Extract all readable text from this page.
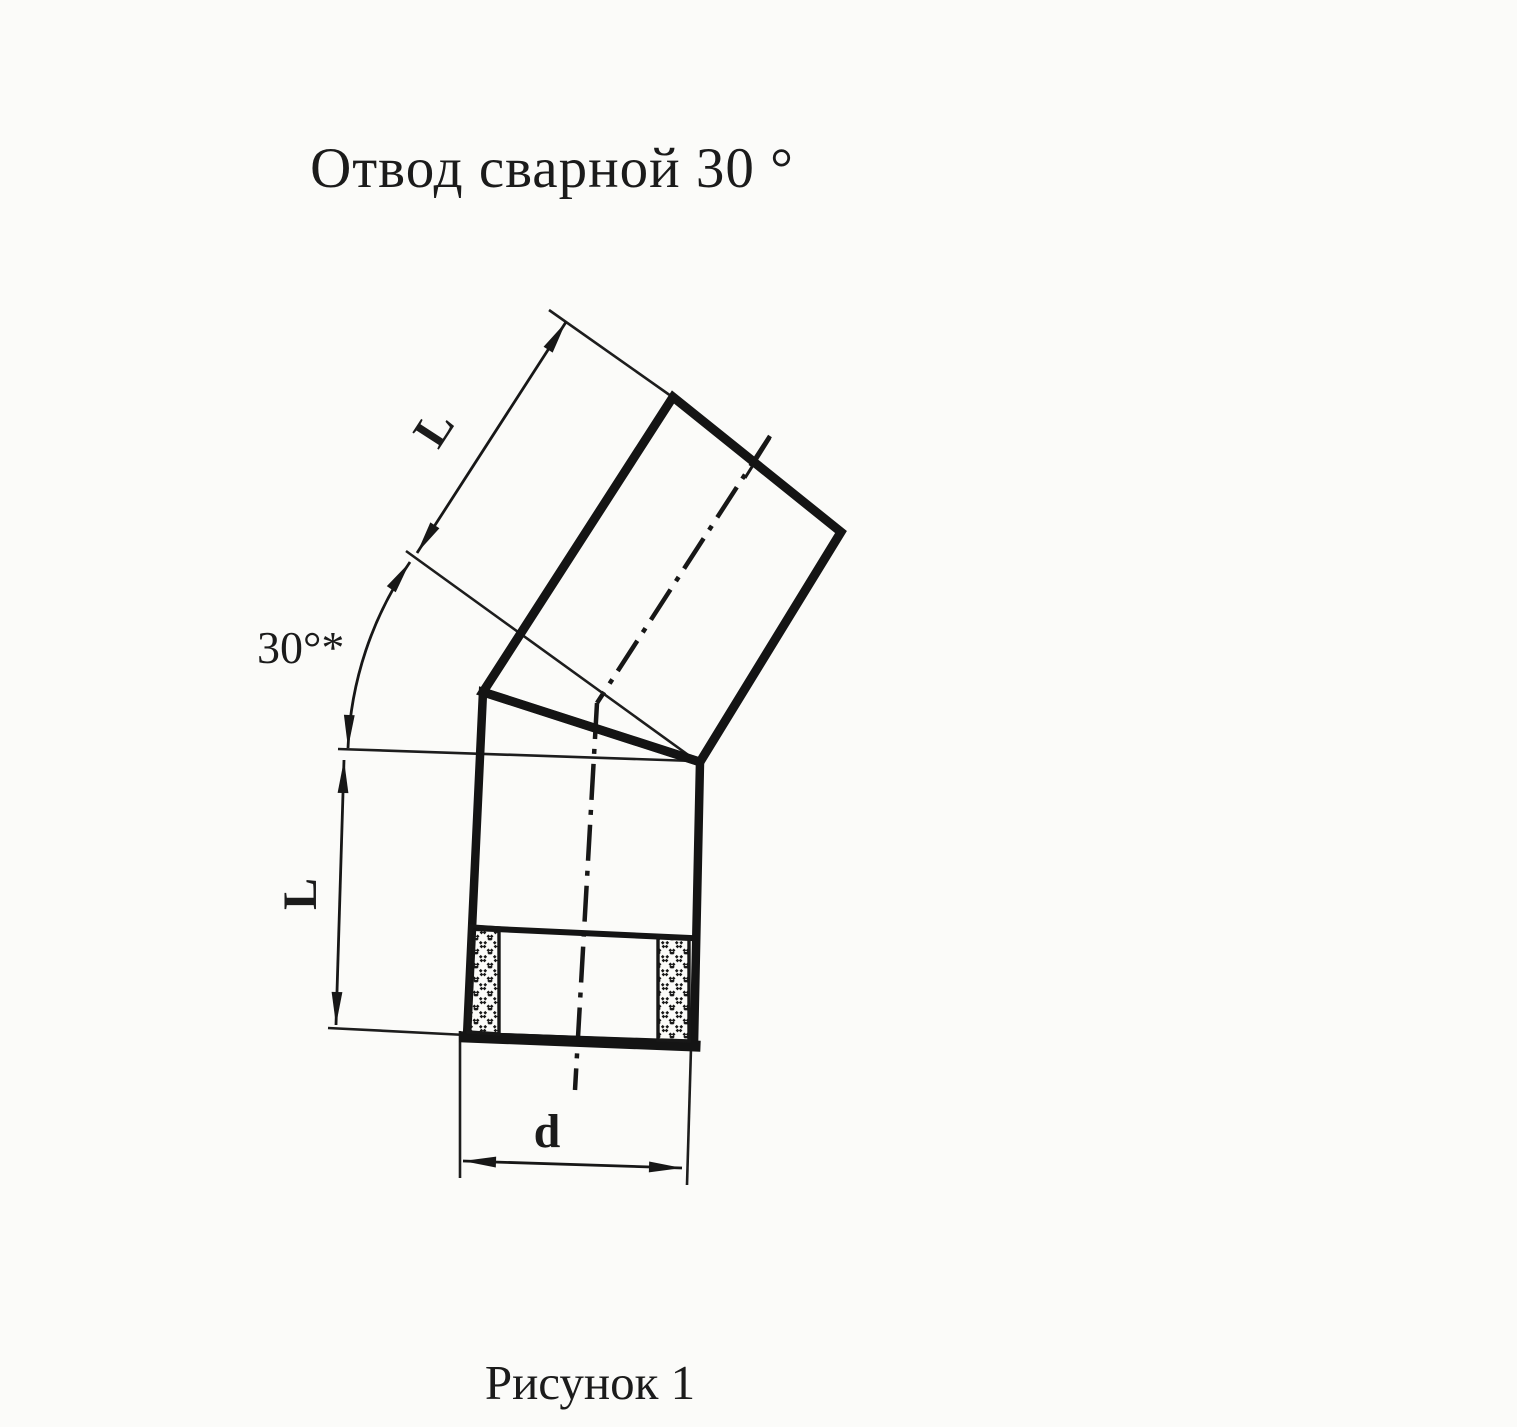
Отвод сварной 30 °
Рисунок 1
L
L
d
30°*
